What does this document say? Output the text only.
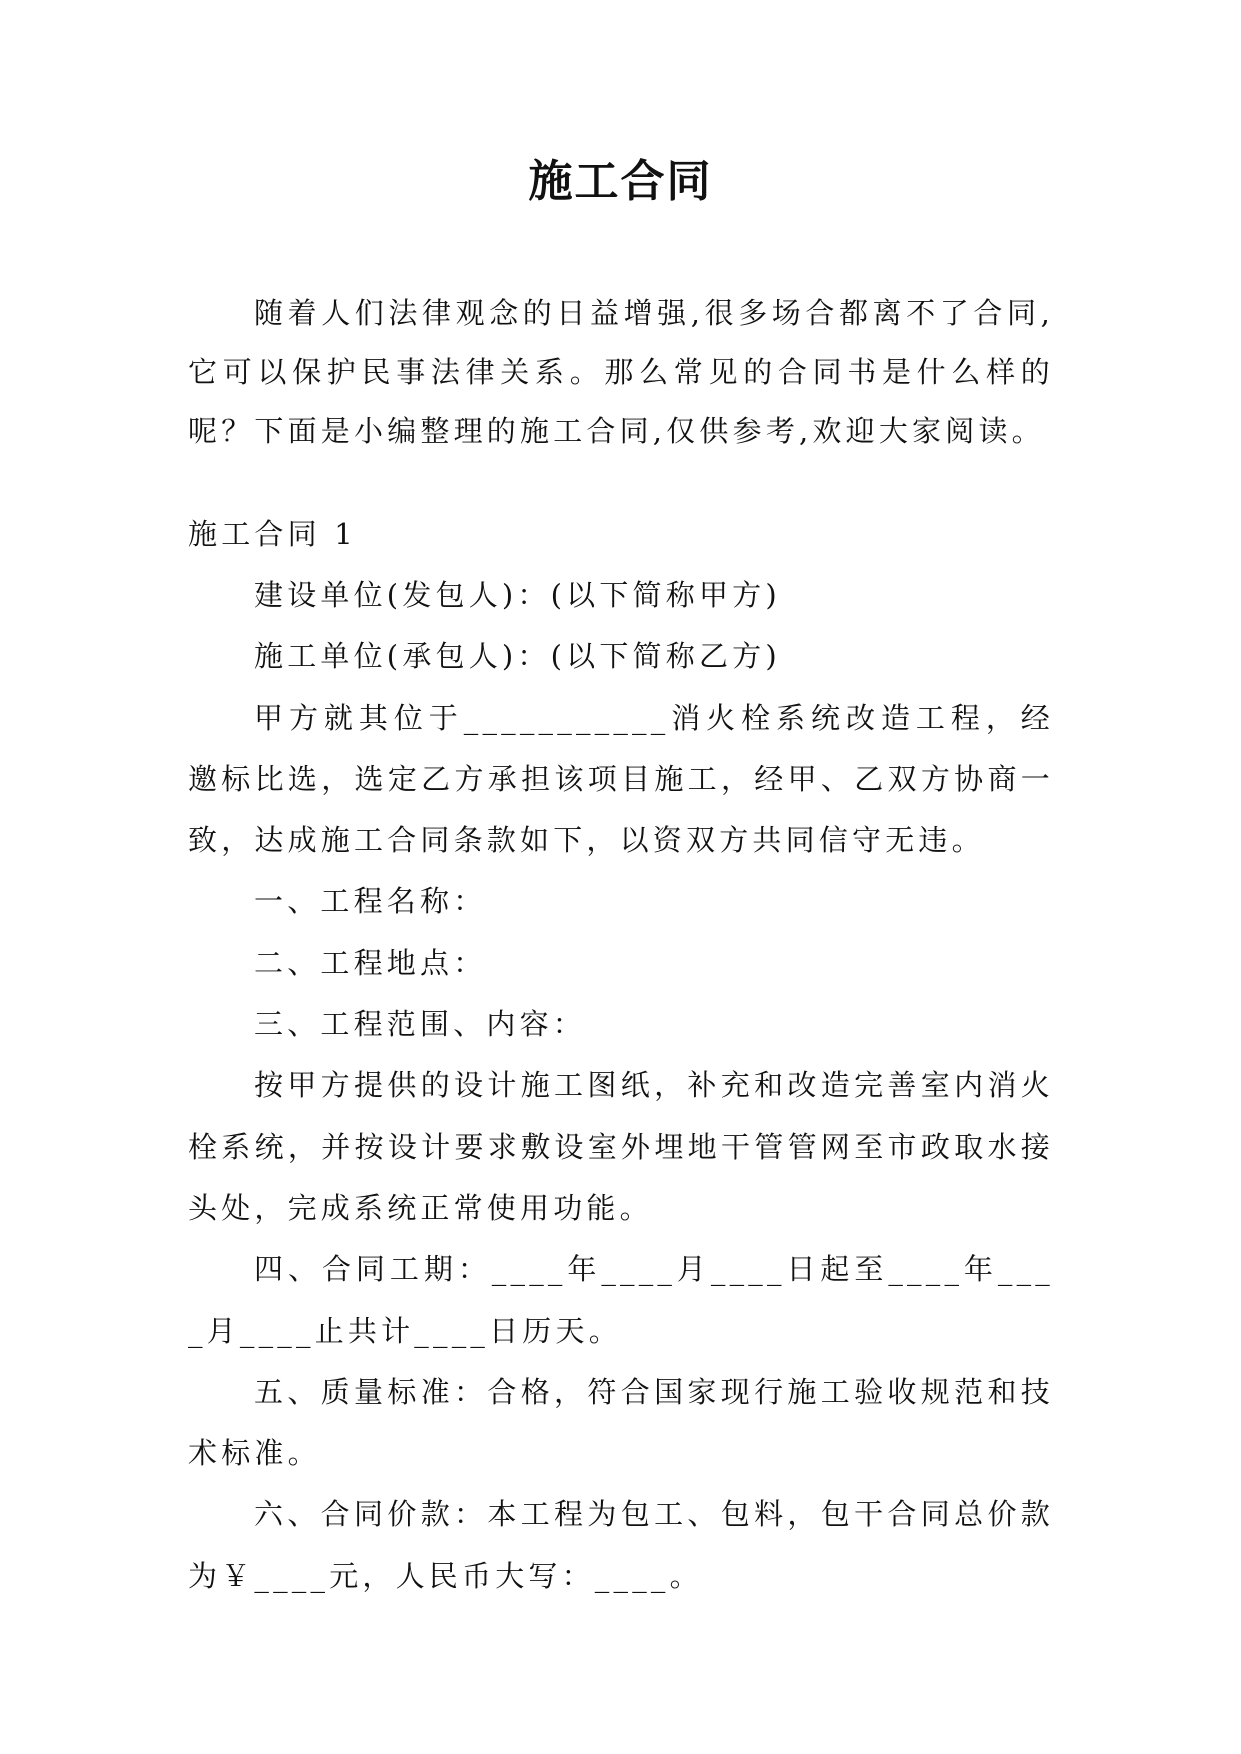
施工合同

随着人们法律观念的日益增强,很多场合都离不了合同,它可以保护民事法律关系。那么常见的合同书是什么样的呢？下面是小编整理的施工合同,仅供参考,欢迎大家阅读。

施工合同 1

建设单位(发包人)：(以下简称甲方)

施工单位(承包人)：(以下简称乙方)

甲方就其位于___________消火栓系统改造工程，经邀标比选，选定乙方承担该项目施工，经甲、乙双方协商一致，达成施工合同条款如下，以资双方共同信守无违。

一、工程名称：

二、工程地点：

三、工程范围、内容：

按甲方提供的设计施工图纸，补充和改造完善室内消火栓系统，并按设计要求敷设室外埋地干管管网至市政取水接头处，完成系统正常使用功能。

四、合同工期：____年____月____日起至____年____月____止共计____日历天。

五、质量标准：合格，符合国家现行施工验收规范和技术标准。

六、合同价款：本工程为包工、包料，包干合同总价款为￥____元，人民币大写：____。
